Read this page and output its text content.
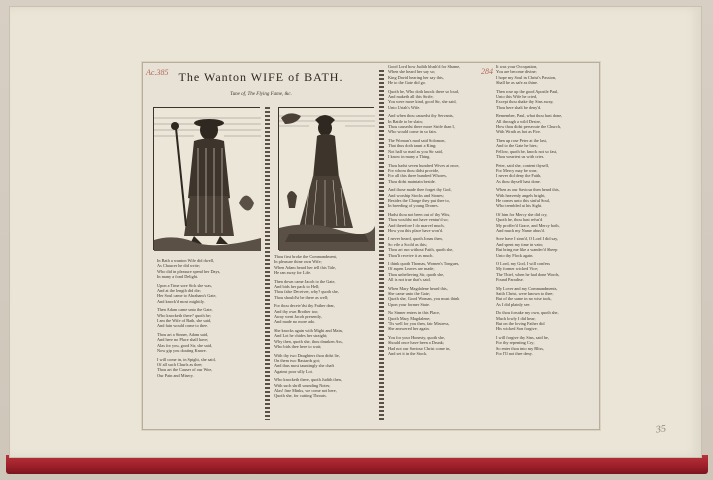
Ac.385	284
The Wanton WIFE of BATH.
Tune of, The Flying Fame, &c.
In Bath a wanton Wife did dwell,
As Chaucer he did write;
Who did in pleasure spend her Days,
In many a fond Delight.

Upon a Time sore Sick she was,
And at the length did die;
Her Soul came to Abraham's Gate,
And knock'd most mightily.

Then Adam came unto the Gate,
Who knocketh there? quoth he;
I am the Wife of Bath, she said,
And fain would come to thee.

Thou art a Sinner, Adam said,
And here no Place shall have;
Alas for you, good Sir, she said,
Now gip you doating Knave.

I will come in, in Spight, she said,
Of all such Churls as thee;
Thou art the Causer of our Woe,
Our Pain and Misery.
Thou first broke the Commandment,
In pleasure thine own Wife;
When Adam heard her tell this Tale,
He ran away for Life.

Then down came Jacob to the Gate,
And bids her pack to Hell;
Thou false Deceiver, why? quoth she,
Thou should'st be there as well;

For thou deceiv'dst thy Father dear,
And thy own Brother too;
Away went Jacob presently,
And made no more ado.

She knocks again with Might and Main,
And Lot he chides her straight;
Why then, quoth she, thou drunken Ass,
Who bids thee here to wait;

With thy two Daughters thou didst lie,
On them two Bastards got;
And thus most tauntingly she chaft
Against poor silly Lot.

Who knocketh there, quoth Judith then,
With such shrill sounding Notes;
Alas! fine Minks, we come not here,
Quoth she, for cutting Throats.
Good Lord how Judith blush'd for Shame,
When she heard her say so;
King David hearing her say this,
He to the Gate did go.

Quoth he, Who doth knock there so loud,
And maketh all this Strife;
You were more kind, good Sir, she said,
Unto Uriah's Wife.

And when thou causedst thy Servants,
In Battle to be slain;
Thou causedst there more Strife than I,
Who would come in so fain.

The Woman's mad said Solomon,
That thus doth taunt a King;
Not half so mad as you Sir said,
I know in many a Thing.

Thou hadst seven hundred Wives at once,
For whom thou didst provide,
For all this three hundred Whores,
Thou didst maintain beside.

And those made thee forget thy God,
And worship Stocks and Stones;
Besides the Charge they put thee to,
In breeding of young Drones.

Hadst thou not been out of thy Wits,
Thou wouldst not have ventur'd so;
And therefore I do marvel much,
How you this place have won'd.

I never heard, quoth Jonas then,
So vile a Scold as this;
Thou art run without Faith, quoth she,
Thou'lt receive it as much.

I think quoth Thomas, Women's Tongues,
Of aspen Leaves are made;
Thou unbelieving Sir, quoth she,
All is not true that's said.

When Mary Magdalene heard this,
She came unto the Gate;
Quoth she, Good Woman, you must think
Upon your former State.

No Sinner enters in this Place,
Quoth Mary Magdalene;
'Tis well for you then, fair Mistress,
She answered her again.

You for your Honesty, quoth she,
Should once have been a Drunk;
Had not our Saviour Christ come in,
And set it in the Stock.
It was your Occupation,
You are become divine;
I hope my Soul in Christ's Passion,
Shall be as safe as thine.

Then rose up the good Apostle Paul,
Unto this Wife he cried,
Except thou shake thy Sins away,
Thou here shalt be deny'd.

Remember, Paul, what thou hast done,
All through a wild Desire,
How thou didst persecute the Church,
With Wrath as hot as Fire.

Then up rose Peter at the last,
And to the Gate he hies;
Fellow, quoth he, knock not so fast,
Thou weariest us with cries.

Peter, said she, content thyself,
For Mercy may be won;
I never did deny the Faith,
As thou thyself hast done.

When as our Saviour then heard this,
With heavenly angels bright,
He comes unto this sinful Soul,
Who trembled at his Sight.

Of him for Mercy she did cry,
Quoth he, thou hast refus'd
My proffer'd Grace, and Mercy both,
And much my Name abus'd.

Sore have I sinn'd, O Lord I did say,
And spent my time in vain;
But bring me like a wander'd Sheep
Unto thy Flock again.

O Lord, my God, I will confess
My former wicked Vice;
The Thief, when he had done Words,
Found Paradise.

My Lover and my Commandments,
Saith Christ, were known to thee;
But of the same in no wise took,
As I did plainly see.

Do thou forsake my own, quoth she,
Much lowly I did hear;
But on the loving Father did
His wicked Son forgive.

I will forgive thy Sins, said he,
For thy repenting Cry;
So enter thou into my Bliss,
For I'll not thee deny.
35
